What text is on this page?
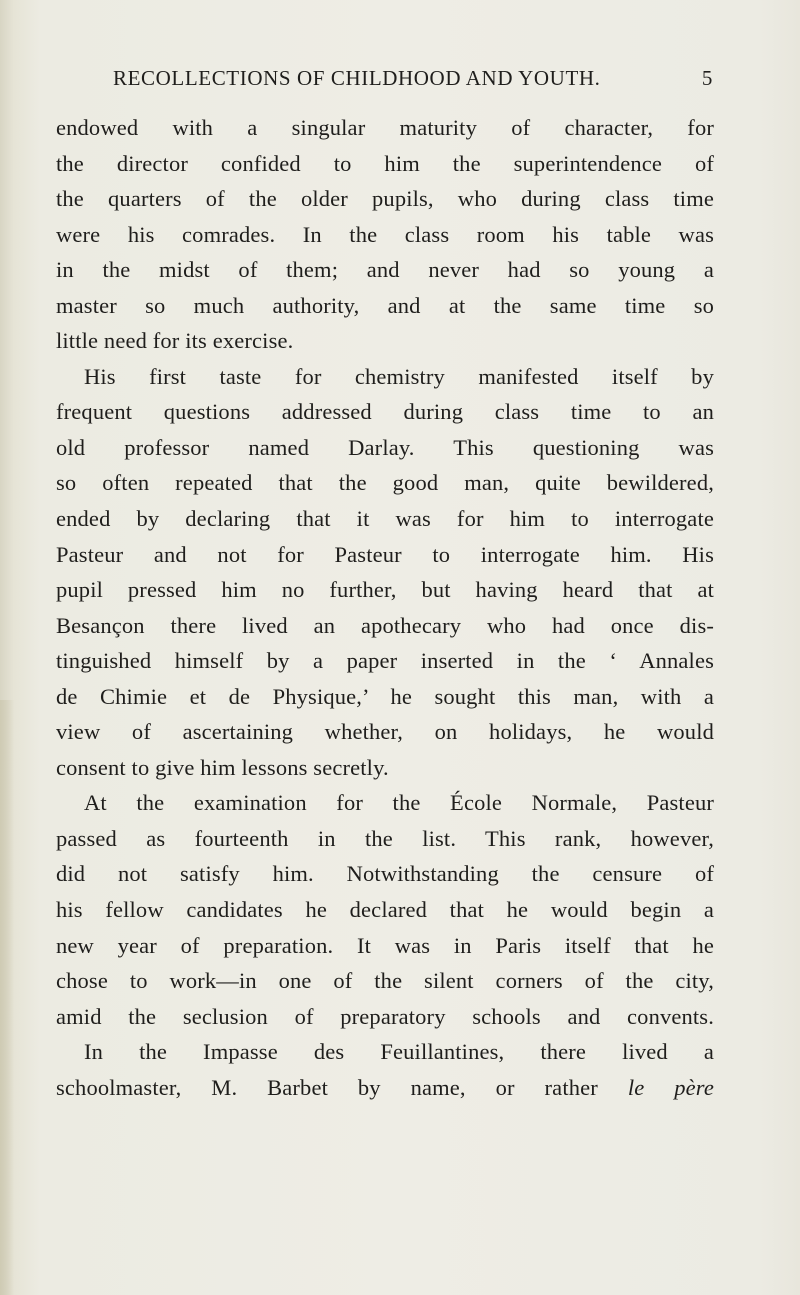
RECOLLECTIONS OF CHILDHOOD AND YOUTH.	5
endowed with a singular maturity of character, for
the director confided to him the superintendence of
the quarters of the older pupils, who during class time
were his comrades. In the class room his table was
in the midst of them; and never had so young a
master so much authority, and at the same time so
little need for its exercise.
His first taste for chemistry manifested itself by
frequent questions addressed during class time to an
old professor named Darlay. This questioning was
so often repeated that the good man, quite bewildered,
ended by declaring that it was for him to interrogate
Pasteur and not for Pasteur to interrogate him. His
pupil pressed him no further, but having heard that at
Besançon there lived an apothecary who had once dis-
tinguished himself by a paper inserted in the ‘ Annales
de Chimie et de Physique,’ he sought this man, with a
view of ascertaining whether, on holidays, he would
consent to give him lessons secretly.
At the examination for the École Normale, Pasteur
passed as fourteenth in the list. This rank, however,
did not satisfy him. Notwithstanding the censure of
his fellow candidates he declared that he would begin a
new year of preparation. It was in Paris itself that he
chose to work—in one of the silent corners of the city,
amid the seclusion of preparatory schools and convents.
In the Impasse des Feuillantines, there lived a
schoolmaster, M. Barbet by name, or rather le père
